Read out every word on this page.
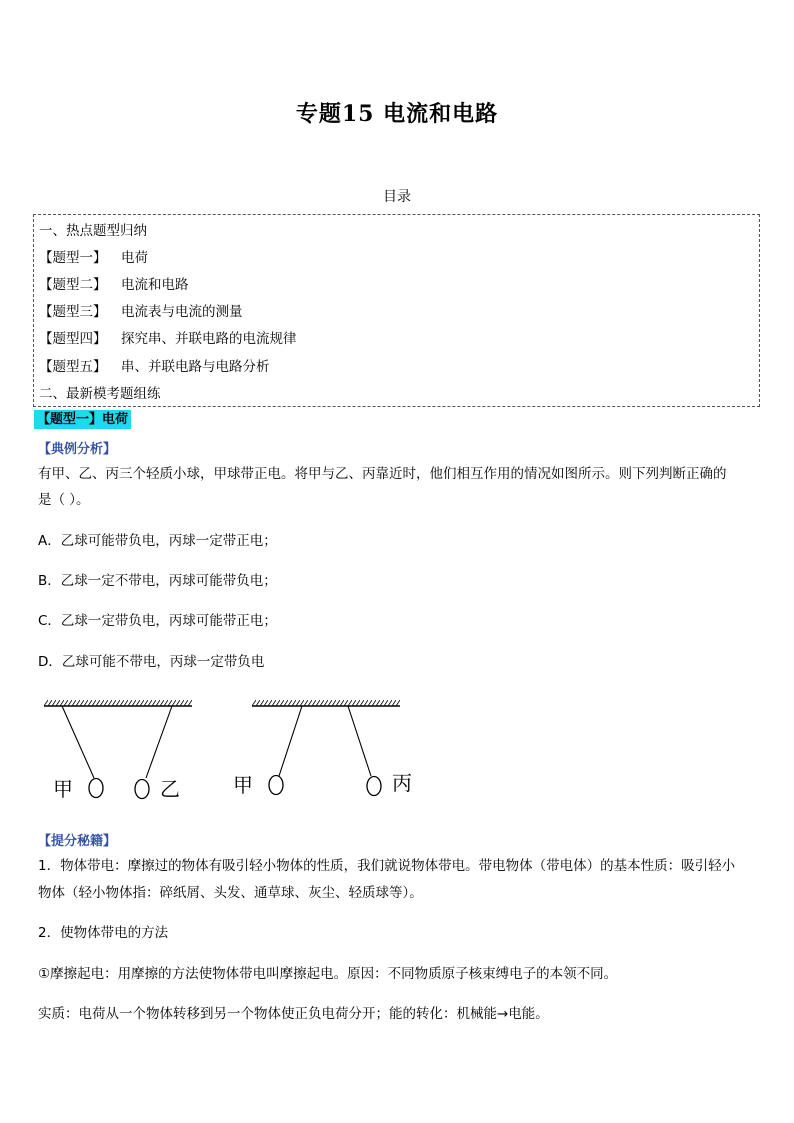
专题15 电流和电路
目录
一、热点题型归纳
【题型一】 电荷
【题型二】 电流和电路
【题型三】 电流表与电流的测量
【题型四】 探究串、并联电路的电流规律
【题型五】 串、并联电路与电路分析
二、最新模考题组练
【题型一】电荷
【典例分析】
有甲、乙、丙三个轻质小球，甲球带正电。将甲与乙、丙靠近时，他们相互作用的情况如图所示。则下列判断正确的
是（ ）。
A．乙球可能带负电，丙球一定带正电；
B．乙球一定不带电，丙球可能带负电；
C．乙球一定带负电，丙球可能带正电；
D．乙球可能不带电，丙球一定带负电
甲	乙	甲	丙
【提分秘籍】
1．物体带电：摩擦过的物体有吸引轻小物体的性质，我们就说物体带电。带电物体（带电体）的基本性质：吸引轻小
物体（轻小物体指：碎纸屑、头发、通草球、灰尘、轻质球等）。
2．使物体带电的方法
①摩擦起电：用摩擦的方法使物体带电叫摩擦起电。原因：不同物质原子核束缚电子的本领不同。
实质：电荷从一个物体转移到另一个物体使正负电荷分开；能的转化：机械能→电能。
